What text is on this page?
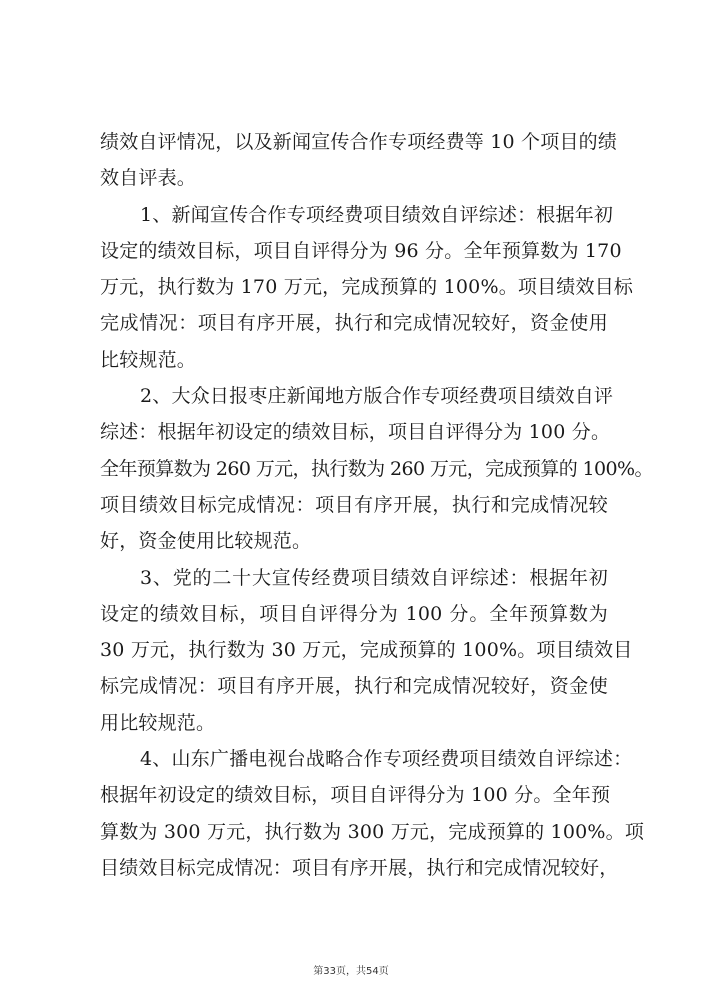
绩效自评情况，以及新闻宣传合作专项经费等 10 个项目的绩
效自评表。
1、新闻宣传合作专项经费项目绩效自评综述：根据年初
设定的绩效目标，项目自评得分为 96 分。全年预算数为 170
万元，执行数为 170 万元，完成预算的 100%。项目绩效目标
完成情况：项目有序开展，执行和完成情况较好，资金使用
比较规范。
2、大众日报枣庄新闻地方版合作专项经费项目绩效自评
综述：根据年初设定的绩效目标，项目自评得分为 100 分。
全年预算数为 260 万元，执行数为 260 万元，完成预算的 100%。
项目绩效目标完成情况：项目有序开展，执行和完成情况较
好，资金使用比较规范。
3、党的二十大宣传经费项目绩效自评综述：根据年初
设定的绩效目标，项目自评得分为 100 分。全年预算数为
30 万元，执行数为 30 万元，完成预算的 100%。项目绩效目
标完成情况：项目有序开展，执行和完成情况较好，资金使
用比较规范。
4、山东广播电视台战略合作专项经费项目绩效自评综述：
根据年初设定的绩效目标，项目自评得分为 100 分。全年预
算数为 300 万元，执行数为 300 万元，完成预算的 100%。项
目绩效目标完成情况：项目有序开展，执行和完成情况较好，
第33页，共54页
